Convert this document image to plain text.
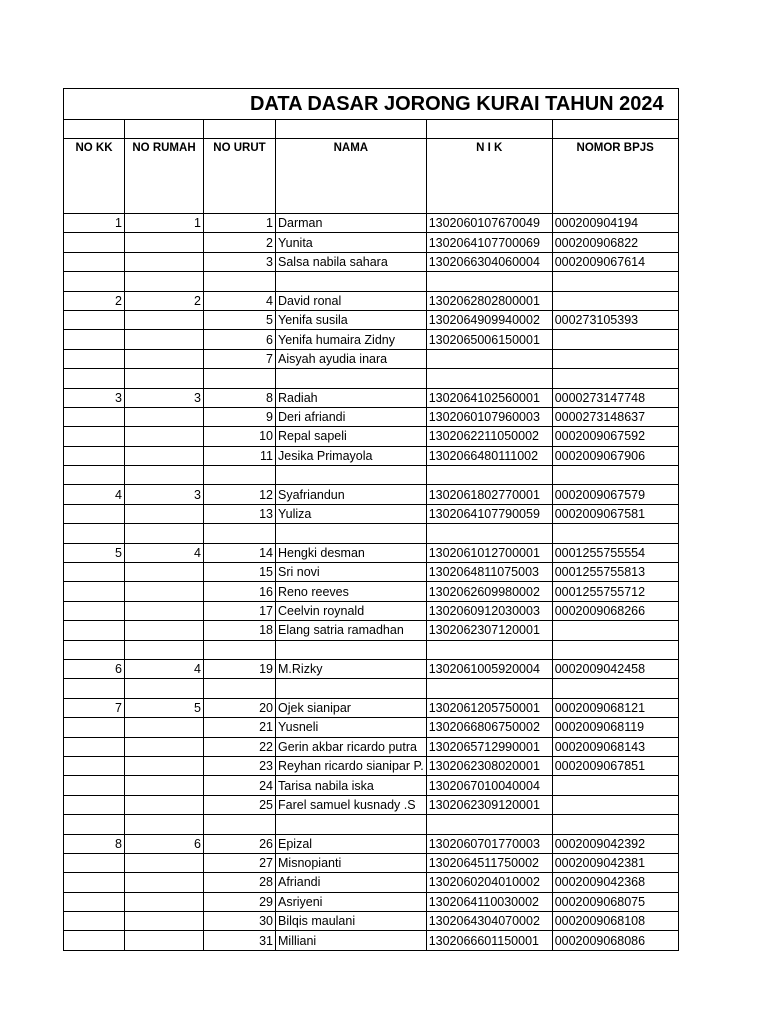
DATA DASAR JORONG KURAI TAHUN 2024					

NO KK	NO RUMAH	NO URUT	NAMA	N I K	NOMOR BPJS

1	1	1	Darman	1302060107670049	000200904194
		2	Yunita	1302064107700069	000200906822
		3	Salsa nabila sahara	1302066304060004	0002009067614

2	2	4	David ronal	1302062802800001	
		5	Yenifa susila	1302064909940002	000273105393
		6	Yenifa humaira Zidny	1302065006150001	
		7	Aisyah ayudia inara		

3	3	8	Radiah	1302064102560001	0000273147748
		9	Deri afriandi	1302060107960003	0000273148637
		10	Repal sapeli	1302062211050002	0002009067592
		11	Jesika Primayola	1302066480111002	0002009067906

4	3	12	Syafriandun	1302061802770001	0002009067579
		13	Yuliza	1302064107790059	0002009067581

5	4	14	Hengki desman	1302061012700001	0001255755554
		15	Sri novi	1302064811075003	0001255755813
		16	Reno reeves	1302062609980002	0001255755712
		17	Ceelvin roynald	1302060912030003	0002009068266
		18	Elang satria ramadhan	1302062307120001	

6	4	19	M.Rizky	1302061005920004	0002009042458

7	5	20	Ojek sianipar	1302061205750001	0002009068121
		21	Yusneli	1302066806750002	0002009068119
		22	Gerin akbar ricardo putra	1302065712990001	0002009068143
		23	Reyhan ricardo sianipar P.	1302062308020001	0002009067851
		24	Tarisa nabila iska	1302067010040004	
		25	Farel samuel kusnady .S	1302062309120001	

8	6	26	Epizal	1302060701770003	0002009042392
		27	Misnopianti	1302064511750002	0002009042381
		28	Afriandi	1302060204010002	0002009042368
		29	Asriyeni	1302064110030002	0002009068075
		30	Bilqis maulani	1302064304070002	0002009068108
		31	Milliani	1302066601150001	0002009068086
